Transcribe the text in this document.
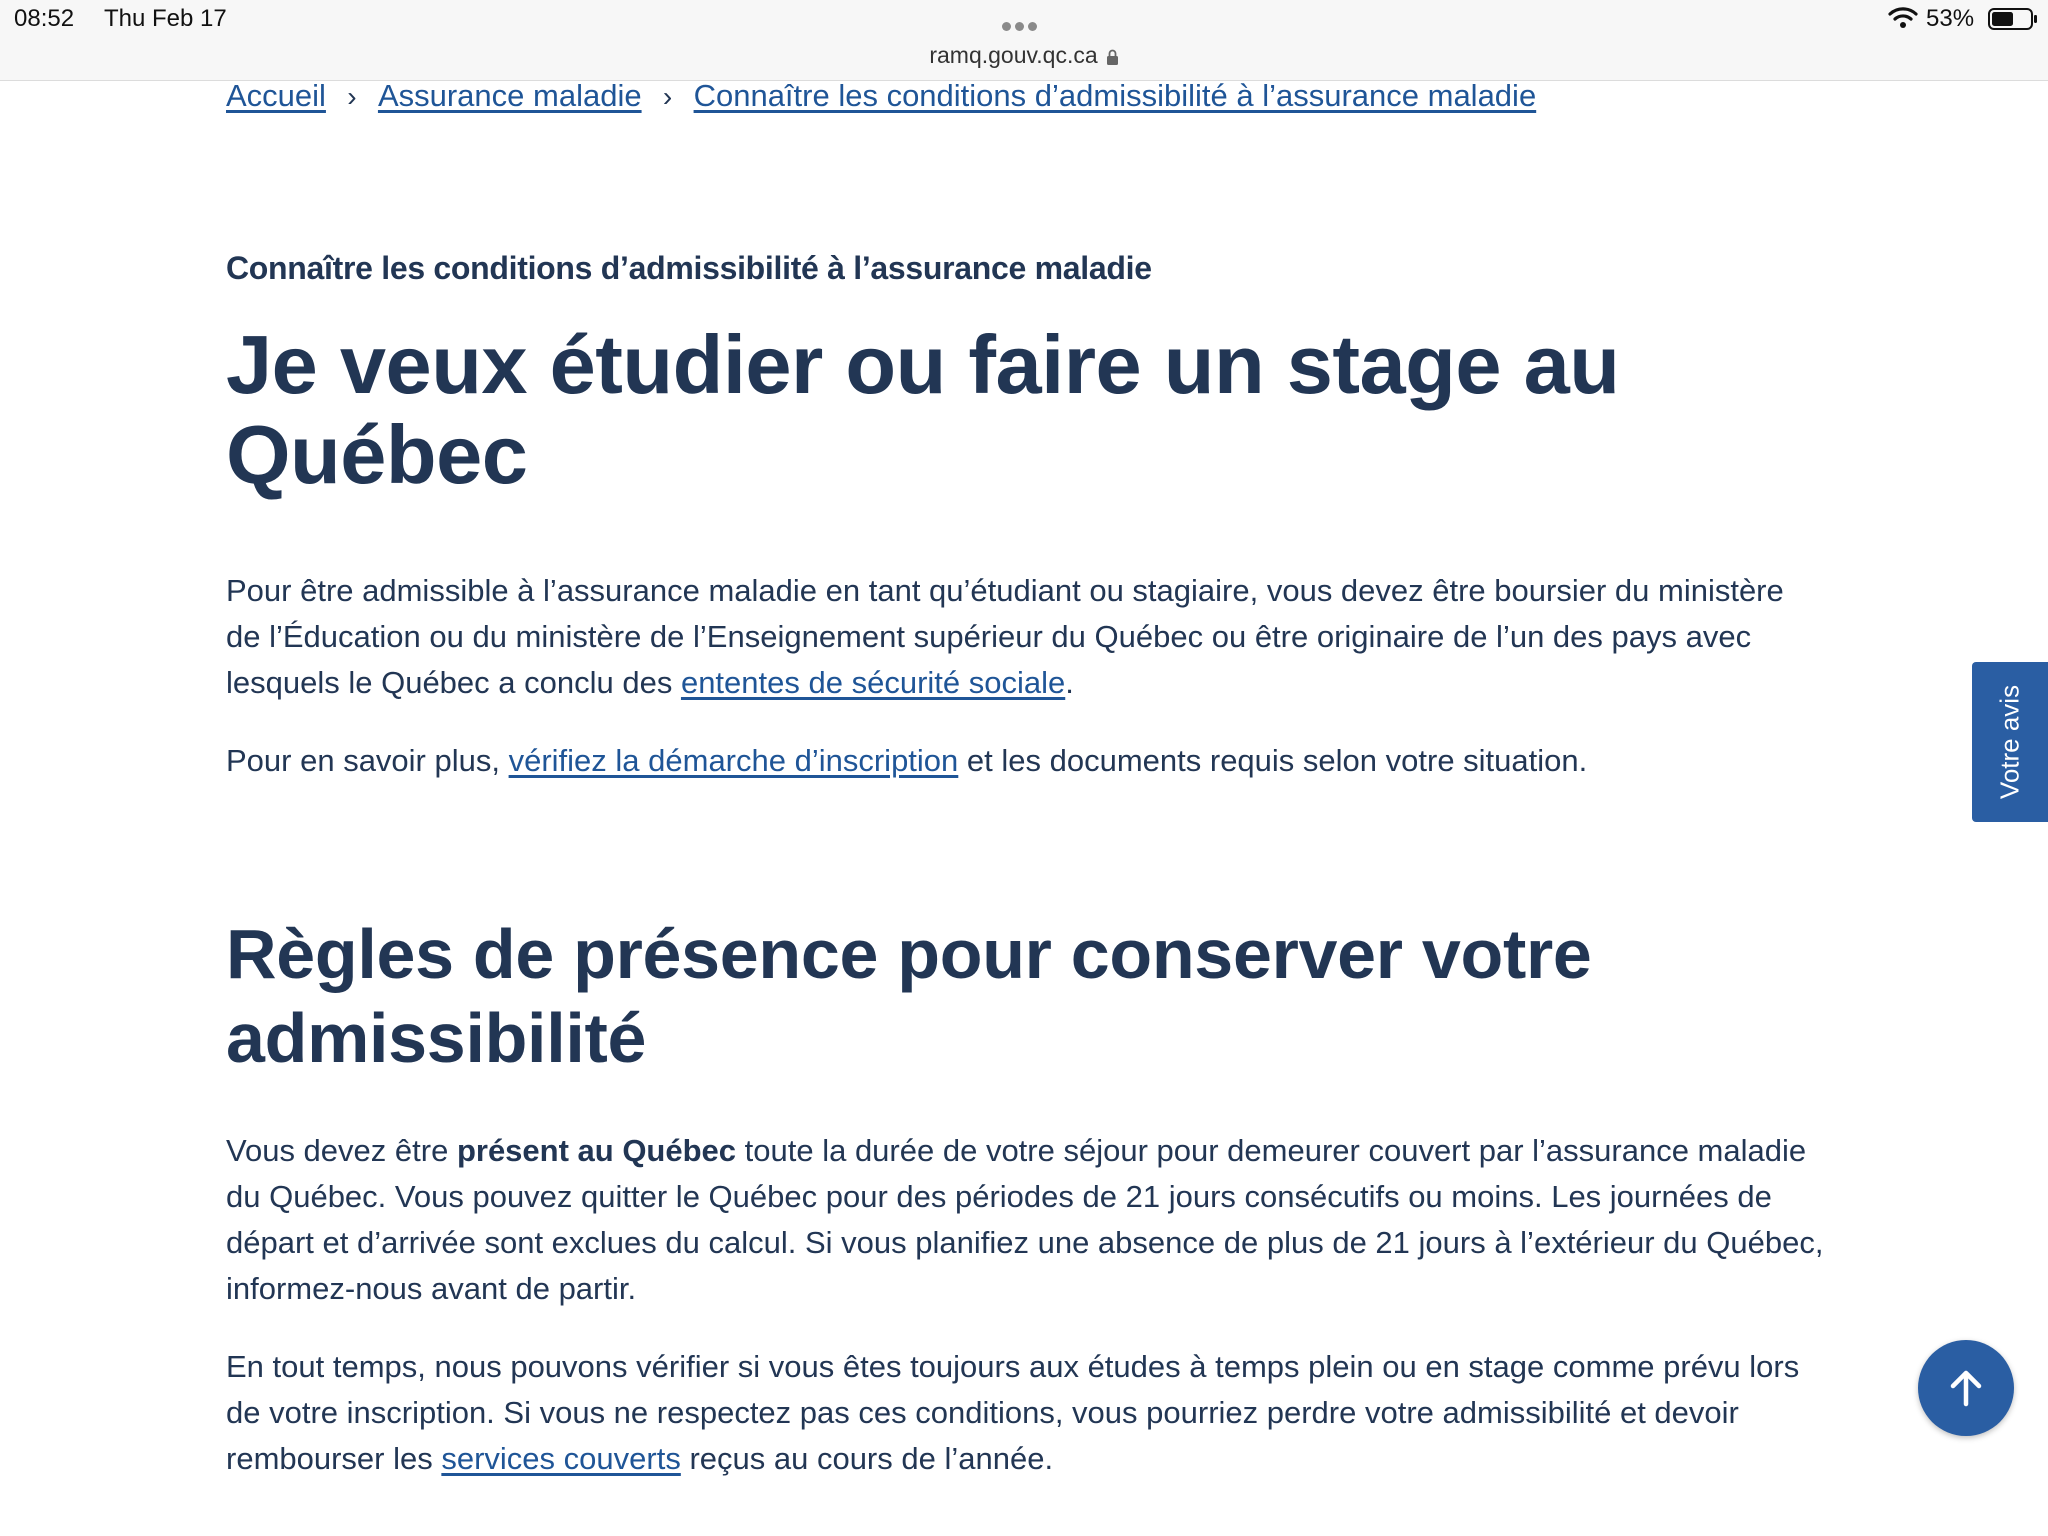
08:52 Thu Feb 17
ramq.gouv.qc.ca
53%
Accueil › Assurance maladie › Connaître les conditions d’admissibilité à l’assurance maladie
Connaître les conditions d’admissibilité à l’assurance maladie
Je veux étudier ou faire un stage au Québec

Pour être admissible à l’assurance maladie en tant qu’étudiant ou stagiaire, vous devez être boursier du ministère de l’Éducation ou du ministère de l’Enseignement supérieur du Québec ou être originaire de l’un des pays avec lesquels le Québec a conclu des ententes de sécurité sociale.

Pour en savoir plus, vérifiez la démarche d’inscription et les documents requis selon votre situation.

Règles de présence pour conserver votre admissibilité

Vous devez être présent au Québec toute la durée de votre séjour pour demeurer couvert par l’assurance maladie du Québec. Vous pouvez quitter le Québec pour des périodes de 21 jours consécutifs ou moins. Les journées de départ et d’arrivée sont exclues du calcul. Si vous planifiez une absence de plus de 21 jours à l’extérieur du Québec, informez-nous avant de partir.

En tout temps, nous pouvons vérifier si vous êtes toujours aux études à temps plein ou en stage comme prévu lors de votre inscription. Si vous ne respectez pas ces conditions, vous pourriez perdre votre admissibilité et devoir rembourser les services couverts reçus au cours de l’année.

Votre avis
